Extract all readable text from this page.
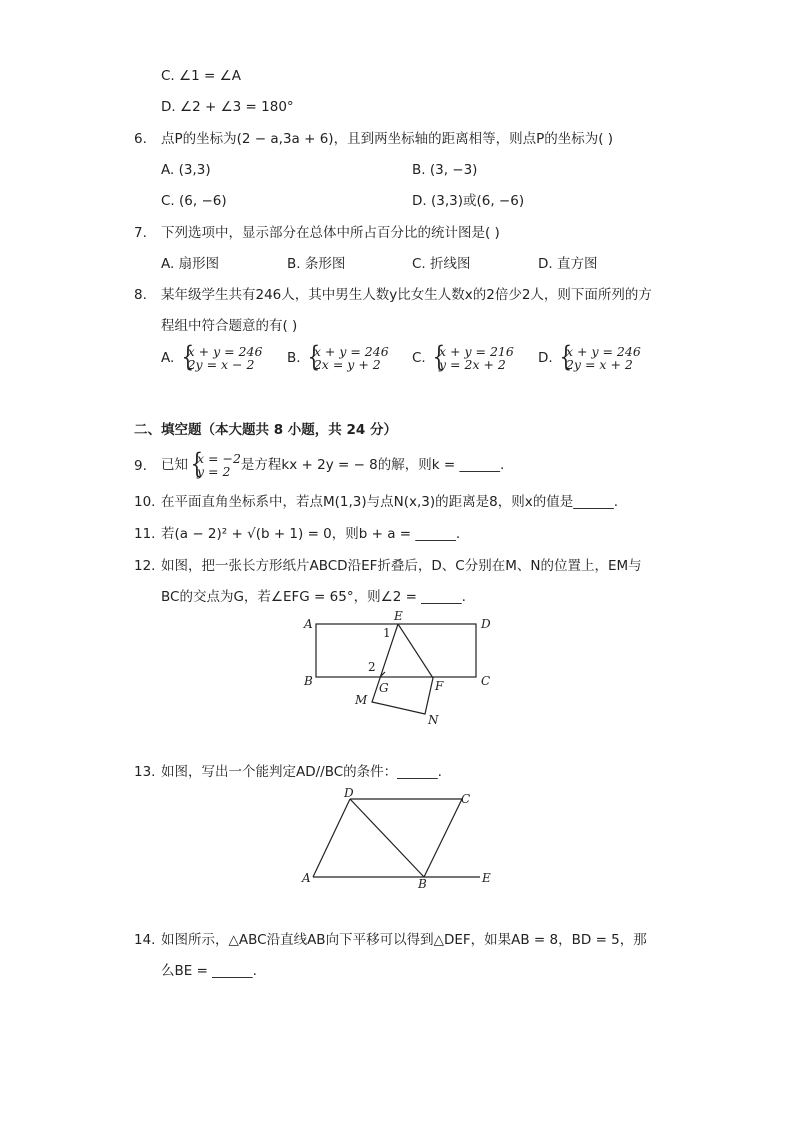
C. ∠1 = ∠A
D. ∠2 + ∠3 = 180°
6. 点P的坐标为(2 − a,3a + 6)，且到两坐标轴的距离相等，则点P的坐标为( )
A. (3,3)	B. (3, −3)
C. (6, −6)	D. (3,3)或(6, −6)
7. 下列选项中，显示部分在总体中所占百分比的统计图是( )
A. 扇形图	B. 条形图	C. 折线图	D. 直方图
8. 某年级学生共有246人，其中男生人数y比女生人数x的2倍少2人，则下面所列的方
程组中符合题意的有( )
A. {
x + y = 246
2y = x − 2	B. {
x + y = 246
2x = y + 2	C. {
x + y = 216
y = 2x + 2	D. {
x + y = 246
2y = x + 2
二、填空题（本大题共 8 小题，共 24 分）
9. 已知 {
x = −2
y = 2 是方程kx + 2y = − 8的解，则k = ______.
10. 在平面直角坐标系中，若点M(1,3)与点N(x,3)的距离是8，则x的值是______.
11. 若(a − 2)² + √(b + 1) = 0，则b + a = ______.
12. 如图，把一张长方形纸片ABCD沿EF折叠后，D、C分别在M、N的位置上，EM与
BC的交点为G，若∠EFG = 65°，则∠2 = ______.
A	D
B	C
E
F
G
M
N
1
2
13. 如图，写出一个能判定AD//BC的条件：______.
D	C
A	B	E
14. 如图所示，△ABC沿直线AB向下平移可以得到△DEF，如果AB = 8，BD = 5，那
么BE = ______.
